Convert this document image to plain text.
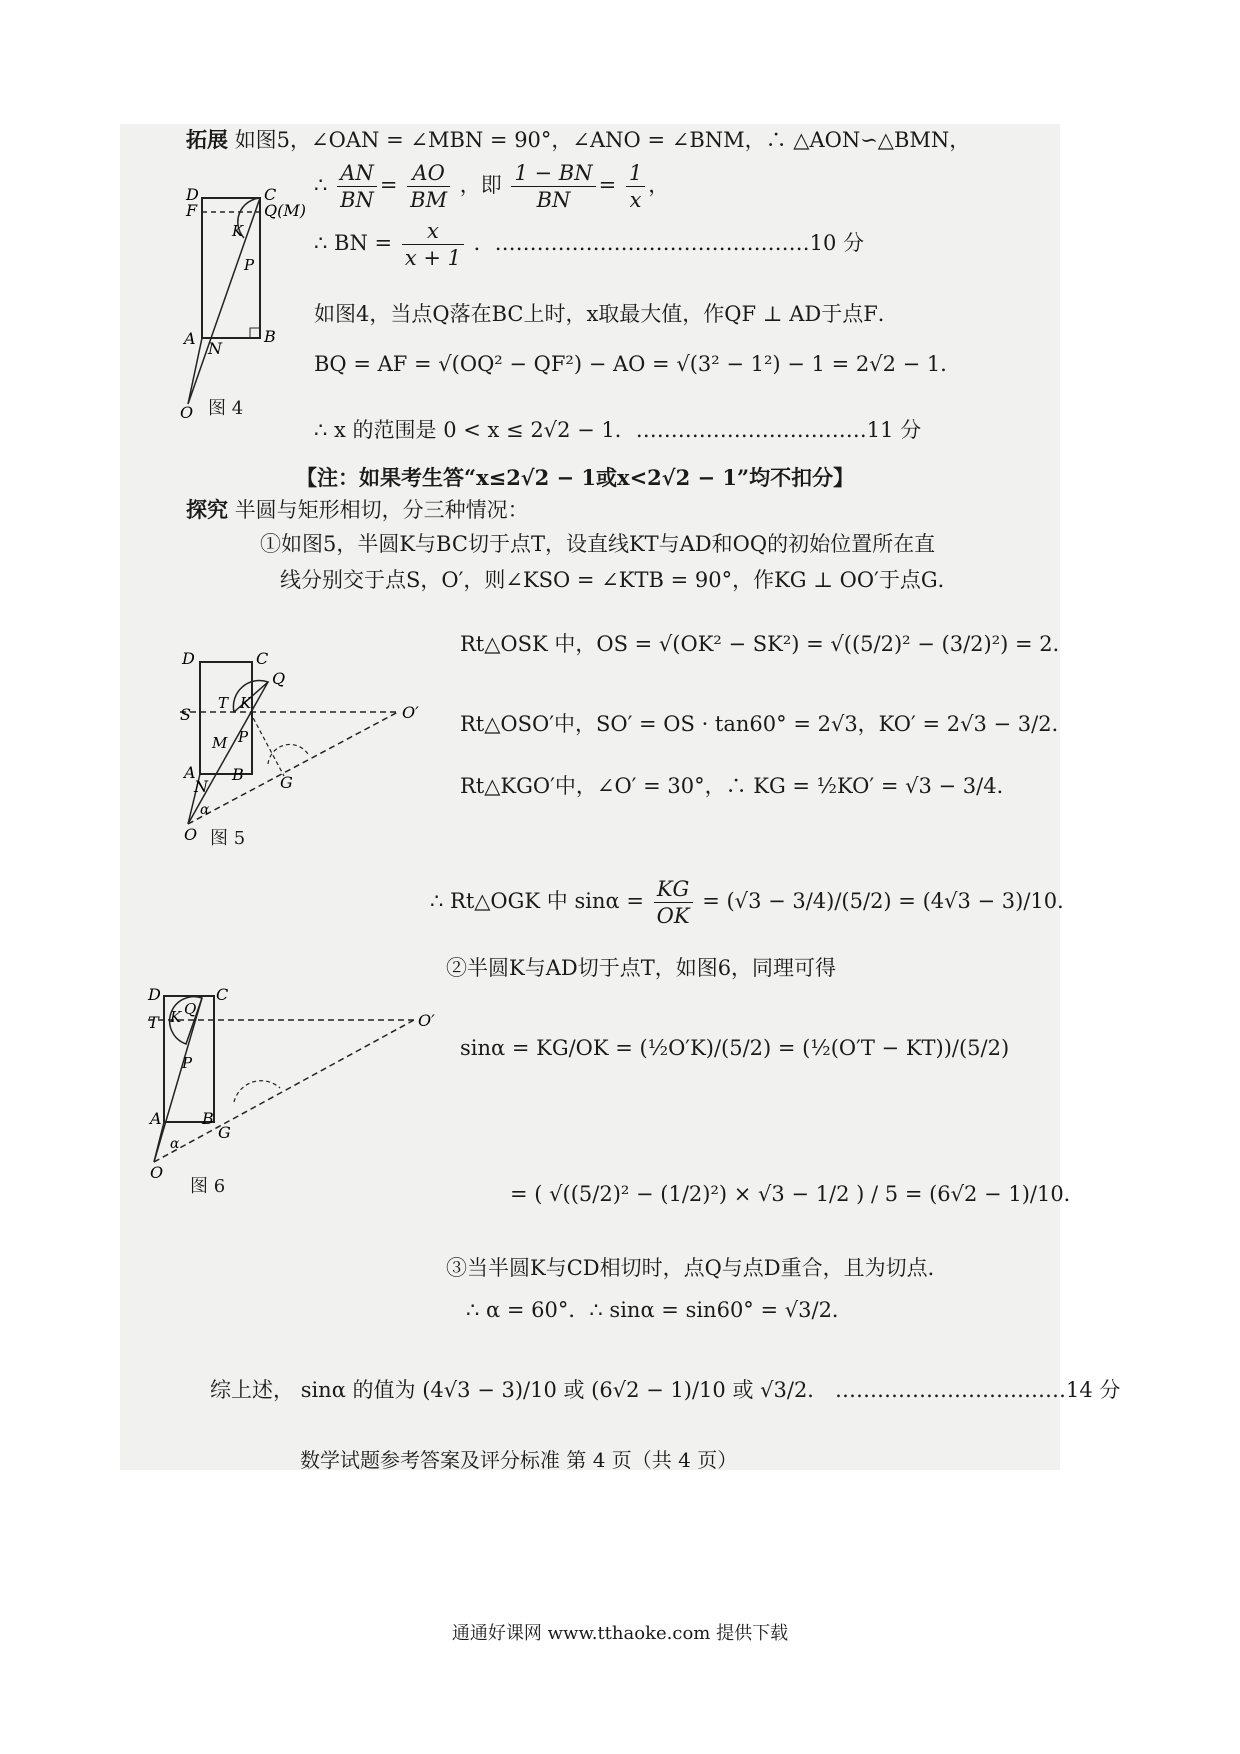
拓展 如图5，∠OAN = ∠MBN = 90°，∠ANO = ∠BNM，∴ △AON∽△BMN，
∴ $\frac{AN}{BN} = \frac{AO}{BM}$ ，即 $\frac{1 - BN}{BN} = \frac{1}{x}$ ，
∴ BN = $\frac{x}{x + 1}$ ．………………………………………10 分
如图4，当点Q落在BC上时，x取最大值，作QF ⊥ AD于点F．
BQ = AF = √(OQ² − QF²) − AO = √(3² − 1²) − 1 = 2√2 − 1．
∴ x 的范围是 0 < x ≤ 2√2 − 1．……………………………11 分
【注：如果考生答“x≤2√2 − 1或x<2√2 − 1”均不扣分】
D
F
C
Q(M)
K
P
A
N
B
O 图 4
探究 半圆与矩形相切，分三种情况：
①如图5，半圆K与BC切于点T，设直线KT与AD和OQ的初始位置所在直
线分别交于点S，O′，则∠KSO = ∠KTB = 90°，作KG ⊥ OO′于点G．
D	C
S
T K
Q
O′
M P
A
N
B G
α
O 图 5
Rt△OSK 中，OS = √(OK² − SK²) = √((5/2)² − (3/2)²) = 2．
Rt△OSO′中，SO′ = OS · tan60° = 2√3，KO′ = 2√3 − 3/2．
Rt△KGO′中，∠O′ = 30°，∴ KG = ½KO′ = √3 − 3/4．
∴ Rt△OGK 中 $\sin\alpha = \frac{KG}{OK} = (√3 - 3/4)/(5/2) = (4√3 - 3)/10$．
②半圆K与AD切于点T，如图6，同理可得
D	C
Q
T K	O′
P
A	B
G
α
O
图 6
sinα = KG/OK = (½O′K)/(5/2) = (½(O′T − KT))/(5/2)
= ( √((5/2)² − (1/2)²) × √3 − 1/2 ) / 5 = (6√2 − 1)/10．
③当半圆K与CD相切时，点Q与点D重合，且为切点．
∴ α = 60°．∴ sinα = sin60° = √3/2．
综上述， sinα 的值为 (4√3 − 3)/10 或 (6√2 − 1)/10 或 √3/2． ……………………………14 分
数学试题参考答案及评分标准 第 4 页（共 4 页）
通通好课网 www.tthaoke.com 提供下载
